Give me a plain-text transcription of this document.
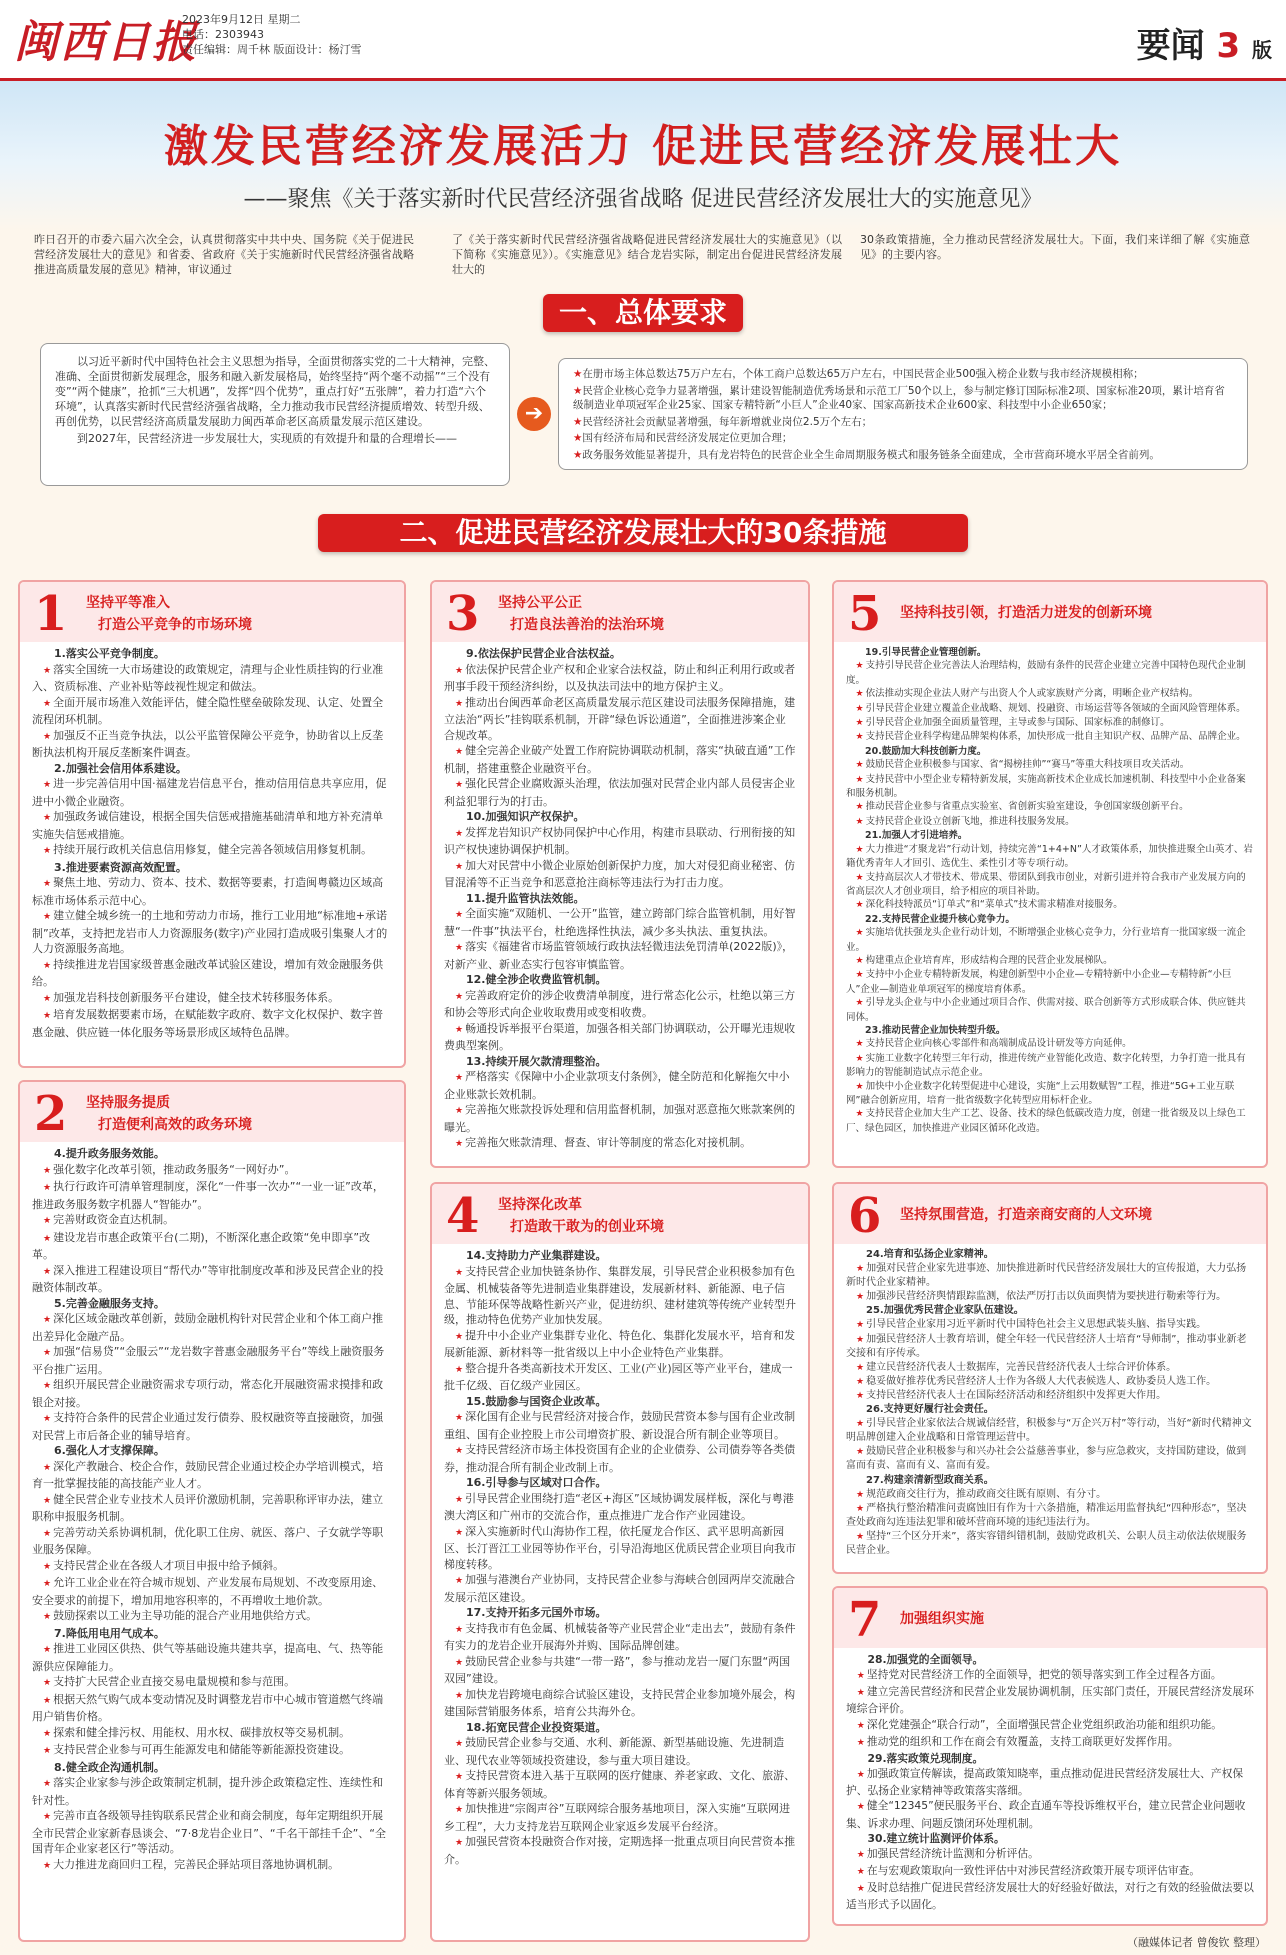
闽西日报
2023年9月12日 星期二
电话：2303943
责任编辑：周千林 版面设计：杨汀雪	要闻 3 版
激发民营经济发展活力 促进民营经济发展壮大
——聚焦《关于落实新时代民营经济强省战略 促进民营经济发展壮大的实施意见》
昨日召开的市委六届六次全会，认真贯彻落实中共中央、国务院《关于促进民营经济发展壮大的意见》和省委、省政府《关于实施新时代民营经济强省战略推进高质量发展的意见》精神，审议通过
了《关于落实新时代民营经济强省战略促进民营经济发展壮大的实施意见》（以下简称《实施意见》）。《实施意见》结合龙岩实际，制定出台促进民营经济发展壮大的
30条政策措施，全力推动民营经济发展壮大。下面，我们来详细了解《实施意见》的主要内容。
一、总体要求

以习近平新时代中国特色社会主义思想为指导，全面贯彻落实党的二十大精神，完整、准确、全面贯彻新发展理念，服务和融入新发展格局，始终坚持“两个毫不动摇”“三个没有变”“两个健康”，抢抓“三大机遇”，发挥“四个优势”，重点打好“五张牌”，着力打造“六个环境”，认真落实新时代民营经济强省战略，全力推动我市民营经济提质增效、转型升级、再创优势，以民营经济高质量发展助力闽西革命老区高质量发展示范区建设。

到2027年，民营经济进一步发展壮大，实现质的有效提升和量的合理增长——

➔

★在册市场主体总数达75万户左右，个体工商户总数达65万户左右，中国民营企业500强入榜企业数与我市经济规模相称；

★民营企业核心竞争力显著增强，累计建设智能制造优秀场景和示范工厂50个以上，参与制定修订国际标准2项、国家标准20项，累计培育省级制造业单项冠军企业25家、国家专精特新“小巨人”企业40家、国家高新技术企业600家、科技型中小企业650家；

★民营经济社会贡献显著增强，每年新增就业岗位2.5万个左右；

★国有经济布局和民营经济发展定位更加合理；

★政务服务效能显著提升，具有龙岩特色的民营企业全生命周期服务模式和服务链条全面建成，全市营商环境水平居全省前列。

二、促进民营经济发展壮大的30条措施
1 坚持平等准入
打造公平竞争的市场环境

1.落实公平竞争制度。

★ 落实全国统一大市场建设的政策规定，清理与企业性质挂钩的行业准入、资质标准、产业补贴等歧视性规定和做法。

★ 全面开展市场准入效能评估，健全隐性壁垒破除发现、认定、处置全流程闭环机制。

★ 加强反不正当竞争执法，以公平监管保障公平竞争，协助省以上反垄断执法机构开展反垄断案件调查。

2.加强社会信用体系建设。

★ 进一步完善信用中国·福建龙岩信息平台，推动信用信息共享应用，促进中小微企业融资。

★ 加强政务诚信建设，根据全国失信惩戒措施基础清单和地方补充清单实施失信惩戒措施。

★ 持续开展行政机关信息信用修复，健全完善各领域信用修复机制。

3.推进要素资源高效配置。

★ 聚焦土地、劳动力、资本、技术、数据等要素，打造闽粤赣边区域高标准市场体系示范中心。

★ 建立健全城乡统一的土地和劳动力市场，推行工业用地“标准地+承诺制”改革，支持把龙岩市人力资源服务(数字)产业园打造成吸引集聚人才的人力资源服务高地。

★ 持续推进龙岩国家级普惠金融改革试验区建设，增加有效金融服务供给。

★ 加强龙岩科技创新服务平台建设，健全技术转移服务体系。

★ 培育发展数据要素市场，在赋能数字政府、数字文化权保护、数字普惠金融、供应链一体化服务等场景形成区域特色品牌。

2 坚持服务提质
打造便利高效的政务环境

4.提升政务服务效能。

★ 强化数字化改革引领，推动政务服务“一网好办”。

★ 执行行政许可清单管理制度，深化“一件事一次办”“一业一证”改革，推进政务服务数字机器人“智能办”。

★ 完善财政资金直达机制。

★ 建设龙岩市惠企政策平台(二期)，不断深化惠企政策“免申即享”改革。

★ 深入推进工程建设项目“帮代办”等审批制度改革和涉及民营企业的投融资体制改革。

5.完善金融服务支持。

★ 深化区域金融改革创新，鼓励金融机构针对民营企业和个体工商户推出差异化金融产品。

★ 加强“信易贷”“金服云”“龙岩数字普惠金融服务平台”等线上融资服务平台推广运用。

★ 组织开展民营企业融资需求专项行动，常态化开展融资需求摸排和政银企对接。

★ 支持符合条件的民营企业通过发行债券、股权融资等直接融资，加强对民营上市后备企业的辅导培育。

6.强化人才支撑保障。

★ 深化产教融合、校企合作，鼓励民营企业通过校企办学培训模式，培育一批掌握技能的高技能产业人才。

★ 健全民营企业专业技术人员评价激励机制，完善职称评审办法，建立职称申报服务机制。

★ 完善劳动关系协调机制，优化职工住房、就医、落户、子女就学等职业服务保障。

★ 支持民营企业在各级人才项目申报中给予倾斜。

★ 允许工业企业在符合城市规划、产业发展布局规划、不改变原用途、安全要求的前提下，增加用地容积率的，不再增收土地价款。

★ 鼓励探索以工业为主导功能的混合产业用地供给方式。

7.降低用电用气成本。

★ 推进工业园区供热、供气等基础设施共建共享，提高电、气、热等能源供应保障能力。

★ 支持扩大民营企业直接交易电量规模和参与范围。

★ 根据天然气购气成本变动情况及时调整龙岩市中心城市管道燃气终端用户销售价格。

★ 探索和健全排污权、用能权、用水权、碳排放权等交易机制。

★ 支持民营企业参与可再生能源发电和储能等新能源投资建设。

8.健全政企沟通机制。

★ 落实企业家参与涉企政策制定机制，提升涉企政策稳定性、连续性和针对性。

★ 完善市直各级领导挂钩联系民营企业和商会制度，每年定期组织开展全市民营企业家新春恳谈会、“7·8龙岩企业日”、“千名干部挂千企”、“全国青年企业家老区行”等活动。

★ 大力推进龙商回归工程，完善民企驿站项目落地协调机制。

3 坚持公平公正
打造良法善治的法治环境

9.依法保护民营企业合法权益。

★ 依法保护民营企业产权和企业家合法权益，防止和纠正利用行政或者刑事手段干预经济纠纷，以及执法司法中的地方保护主义。

★ 推动出台闽西革命老区高质量发展示范区建设司法服务保障措施，建立法治“两长”挂钩联系机制，开辟“绿色诉讼通道”，全面推进涉案企业合规改革。

★ 健全完善企业破产处置工作府院协调联动机制，落实“执破直通”工作机制，搭建重整企业融资平台。

★ 强化民营企业腐败源头治理，依法加强对民营企业内部人员侵害企业利益犯罪行为的打击。

10.加强知识产权保护。

★ 发挥龙岩知识产权协同保护中心作用，构建市县联动、行刑衔接的知识产权快速协调保护机制。

★ 加大对民营中小微企业原始创新保护力度，加大对侵犯商业秘密、仿冒混淆等不正当竞争和恶意抢注商标等违法行为打击力度。

11.提升监管执法效能。

★ 全面实施“双随机、一公开”监管，建立跨部门综合监管机制，用好智慧“一件事”执法平台，杜绝选择性执法，减少多头执法、重复执法。

★ 落实《福建省市场监管领域行政执法轻微违法免罚清单(2022版)》，对新产业、新业态实行包容审慎监管。

12.健全涉企收费监管机制。

★ 完善政府定价的涉企收费清单制度，进行常态化公示，杜绝以第三方和协会等形式向企业收取费用或变相收费。

★ 畅通投诉举报平台渠道，加强各相关部门协调联动，公开曝光违规收费典型案例。

13.持续开展欠款清理整治。

★ 严格落实《保障中小企业款项支付条例》，健全防范和化解拖欠中小企业账款长效机制。

★ 完善拖欠账款投诉处理和信用监督机制，加强对恶意拖欠账款案例的曝光。

★ 完善拖欠账款清理、督查、审计等制度的常态化对接机制。

4 坚持深化改革
打造敢干敢为的创业环境

14.支持助力产业集群建设。

★ 支持民营企业加快链条协作、集群发展，引导民营企业积极参加有色金属、机械装备等先进制造业集群建设，发展新材料、新能源、电子信息、节能环保等战略性新兴产业，促进纺织、建材建筑等传统产业转型升级，推动特色优势产业加快发展。

★ 提升中小企业产业集群专业化、特色化、集群化发展水平，培育和发展新能源、新材料等一批省级以上中小企业特色产业集群。

★ 整合提升各类高新技术开发区、工业(产业)园区等产业平台，建成一批千亿级、百亿级产业园区。

15.鼓励参与国资企业改革。

★ 深化国有企业与民营经济对接合作，鼓励民营资本参与国有企业改制重组、国有企业控股上市公司增资扩股、新设混合所有制企业等项目。

★ 支持民营经济市场主体投资国有企业的企业债券、公司债券等各类债券，推动混合所有制企业改制上市。

16.引导参与区域对口合作。

★ 引导民营企业围绕打造“老区+海区”区域协调发展样板，深化与粤港澳大湾区和广州市的交流合作，重点推进广龙合作产业园建设。

★ 深入实施新时代山海协作工程，依托厦龙合作区、武平思明高新园区、长汀晋江工业园等协作平台，引导沿海地区优质民营企业项目向我市梯度转移。

★ 加强与港澳台产业协同，支持民营企业参与海峡合创园两岸交流融合发展示范区建设。

17.支持开拓多元国外市场。

★ 支持我市有色金属、机械装备等产业民营企业“走出去”，鼓励有条件有实力的龙岩企业开展海外并购、国际品牌创建。

★ 鼓励民营企业参与共建“一带一路”，参与推动龙岩一厦门东盟“两国双园”建设。

★ 加快龙岩跨境电商综合试验区建设，支持民营企业参加境外展会，构建国际营销服务体系，培育公共海外仓。

18.拓宽民营企业投资渠道。

★ 鼓励民营企业参与交通、水利、新能源、新型基础设施、先进制造业、现代农业等领域投资建设，参与重大项目建设。

★ 支持民营资本进入基于互联网的医疗健康、养老家政、文化、旅游、体育等新兴服务领域。

★ 加快推进“宗阁声谷”互联网综合服务基地项目，深入实施“互联网进乡工程”，大力支持龙岩互联网企业家返乡发展平台经济。

★ 加强民营资本投融资合作对接，定期选择一批重点项目向民营资本推介。

5 坚持科技引领，打造活力迸发的创新环境

19.引导民营企业管理创新。

★ 支持引导民营企业完善法人治理结构，鼓励有条件的民营企业建立完善中国特色现代企业制度。

★ 依法推动实现企业法人财产与出资人个人或家族财产分离，明晰企业产权结构。

★ 引导民营企业建立覆盖企业战略、规划、投融资、市场运营等各领域的全面风险管理体系。

★ 引导民营企业加强全面质量管理，主导或参与国际、国家标准的制修订。

★ 支持民营企业科学构建品牌架构体系，加快形成一批自主知识产权、品牌产品、品牌企业。

20.鼓励加大科技创新力度。

★ 鼓励民营企业积极参与国家、省“揭榜挂帅”“赛马”等重大科技项目攻关活动。

★ 支持民营中小型企业专精特新发展，实施高新技术企业成长加速机制、科技型中小企业备案和服务机制。

★ 推动民营企业参与省重点实验室、省创新实验室建设，争创国家级创新平台。

★ 支持民营企业设立创新飞地，推进科技服务发展。

21.加强人才引进培养。

★ 大力推进“才聚龙岩”行动计划，持续完善“1+4+N”人才政策体系，加快推进聚全山英才、岩籍优秀青年人才回引、选优生、柔性引才等专项行动。

★ 支持高层次人才带技术、带成果、带团队到我市创业，对新引进并符合我市产业发展方向的省高层次人才创业项目，给予相应的项目补助。

★ 深化科技特派员“订单式”和“菜单式”技术需求精准对接服务。

22.支持民营企业提升核心竞争力。

★ 实施培优扶强龙头企业行动计划，不断增强企业核心竞争力，分行业培育一批国家级一流企业。

★ 构建重点企业培育库，形成结构合理的民营企业发展梯队。

★ 支持中小企业专精特新发展，构建创新型中小企业—专精特新中小企业—专精特新“小巨人”企业—制造业单项冠军的梯度培育体系。

★ 引导龙头企业与中小企业通过项目合作、供需对接、联合创新等方式形成联合体、供应链共同体。

23.推动民营企业加快转型升级。

★ 支持民营企业向核心零部件和高端制成品设计研发等方向延伸。

★ 实施工业数字化转型三年行动，推进传统产业智能化改造、数字化转型，力争打造一批具有影响力的智能制造试点示范企业。

★ 加快中小企业数字化转型促进中心建设，实施“上云用数赋智”工程，推进“5G+工业互联网”融合创新应用，培育一批省级数字化转型应用标杆企业。

★ 支持民营企业加大生产工艺、设备、技术的绿色低碳改造力度，创建一批省级及以上绿色工厂、绿色园区，加快推进产业园区循环化改造。

6 坚持氛围营造，打造亲商安商的人文环境

24.培育和弘扬企业家精神。

★ 加强对民营企业家先进事迹、加快推进新时代民营经济发展壮大的宣传报道，大力弘扬新时代企业家精神。

★ 加强涉民营经济舆情跟踪监测，依法严厉打击以负面舆情为要挟进行勒索等行为。

25.加强优秀民营企业家队伍建设。

★ 引导民营企业家用习近平新时代中国特色社会主义思想武装头脑、指导实践。

★ 加强民营经济人士教育培训，健全年轻一代民营经济人士培育“导师制”，推动事业新老交接和有序传承。

★ 建立民营经济代表人士数据库，完善民营经济代表人士综合评价体系。

★ 稳妥做好推荐优秀民营经济人士作为各级人大代表候选人、政协委员人选工作。

★ 支持民营经济代表人士在国际经济活动和经济组织中发挥更大作用。

26.支持更好履行社会责任。

★ 引导民营企业家依法合规诚信经营，积极参与“万企兴万村”等行动，当好“新时代精神文明品牌创建入企业战略和日常管理运营中。

★ 鼓励民营企业积极参与和兴办社会公益慈善事业，参与应急救灾，支持国防建设，做到富而有责、富而有义、富而有爱。

27.构建亲清新型政商关系。

★ 规范政商交往行为，推动政商交往既有原则、有分寸。

★ 严格执行整治精准问责腐蚀旧有作为十六条措施，精准运用监督执纪“四种形态”，坚决查处政商勾连违法犯罪和破坏营商环境的违纪违法行为。

★ 坚持“三个区分开来”，落实容错纠错机制，鼓励党政机关、公职人员主动依法依规服务民营企业。

7 加强组织实施

28.加强党的全面领导。

★ 坚持党对民营经济工作的全面领导，把党的领导落实到工作全过程各方面。

★ 建立完善民营经济和民营企业发展协调机制，压实部门责任，开展民营经济发展环境综合评价。

★ 深化党建强企“联合行动”，全面增强民营企业党组织政治功能和组织功能。

★ 推动党的组织和工作在商会有效覆盖，支持工商联更好发挥作用。

29.落实政策兑现制度。

★ 加强政策宣传解读，提高政策知晓率，重点推动促进民营经济发展壮大、产权保护、弘扬企业家精神等政策落实落细。

★ 健全“12345”便民服务平台、政企直通车等投诉维权平台，建立民营企业问题收集、诉求办理、问题反馈闭环处理机制。

30.建立统计监测评价体系。

★ 加强民营经济统计监测和分析评估。

★ 在与宏观政策取向一致性评估中对涉民营经济政策开展专项评估审查。

★ 及时总结推广促进民营经济发展壮大的好经验好做法，对行之有效的经验做法要以适当形式予以固化。

（融媒体记者 曾俊钦 整理）
